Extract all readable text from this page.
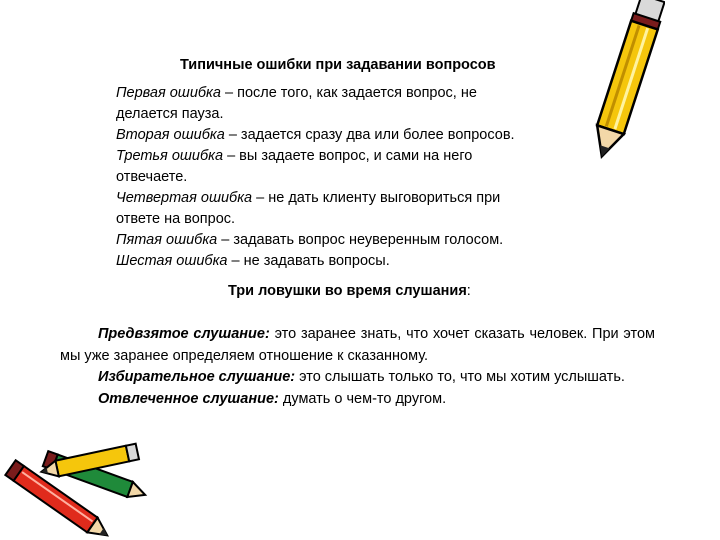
Типичные ошибки при задавании вопросов
Первая ошибка – после того, как задается вопрос, не
делается пауза.
Вторая ошибка – задается сразу два или более вопросов.
Третья ошибка – вы задаете вопрос, и сами на него
отвечаете.
Четвертая ошибка – не дать клиенту выговориться при
ответе на вопрос.
Пятая ошибка – задавать вопрос неуверенным голосом.
Шестая ошибка – не задавать вопросы.
Три ловушки во время слушания:

Предвзятое слушание: это заранее знать, что хочет сказать человек. При этом мы уже заранее определяем отношение к сказанному.

Избирательное слушание: это слышать только то, что мы хотим услышать.

Отвлеченное слушание: думать о чем-то другом.
